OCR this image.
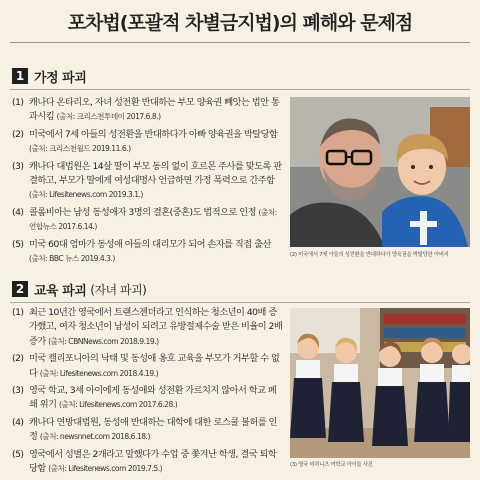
포차법(포괄적 차별금지법)의 폐해와 문제점
1 가정 파괴
(1) 캐나다 온타리오, 자녀 성전환 반대하는 부모 양육권 빼앗는 법안 통과시킴 (출처: 크리스천투데이 2017.6.8.)
(2) 미국에서 7세 아들의 성전환을 반대하다가 아빠 양육권을 박탈당함 (출처: 크리스천월드 2019.11.6.)
(3) 캐나다 대법원은 14살 딸이 부모 동의 없이 호르몬 주사를 맞도록 판결하고, 부모가 딸에게 여성대명사 언급하면 가정 폭력으로 간주함 (출처: Lifesitenews.com 2019.3.1.)
(4) 콜롬비아는 남성 동성애자 3명의 결혼(중혼)도 법적으로 인정 (출처: 연합뉴스 2017.6.14.)
(5) 미국 60대 엄마가 동성애 아들의 대리모가 되어 손자를 직접 출산 (출처: BBC 뉴스 2019.4.3.)	(2) 미국에서 7세 아들의 성전환을 반대하다가 양육권을 박탈당한 아버지
2 교육 파괴 (자녀 파괴)
(1) 최근 10년간 영국에서 트랜스젠더라고 인식하는 청소년이 40배 증가했고, 여자 청소년이 남성이 되려고 유방절제수술 받은 비율이 2배 증가 (출처: CBNNews.com 2018.9.19.)
(2) 미국 캘리포니아의 낙태 및 동성애 옹호 교육을 부모가 거부할 수 없다 (출처: Lifesitenews.com 2018.4.19.)
(3) 영국 학교, 3세 아이에게 동성애와 성전환 가르치지 않아서 학교 폐쇄 위기 (출처: Lifesitenews.com 2017.6.28.)
(4) 캐나다 연방대법원, 동성애 반대하는 대학에 대한 로스쿨 불허를 인정 (출처: newsnnet.com 2018.6.18.)
(5) 영국에서 성별은 2개라고 말했다가 수업 중 쫓겨난 학생, 결국 퇴학 당함 (출처: Lifesitenews.com 2019.7.5.)	(3) 영국 비허니츠 여학교 아이들 사진
